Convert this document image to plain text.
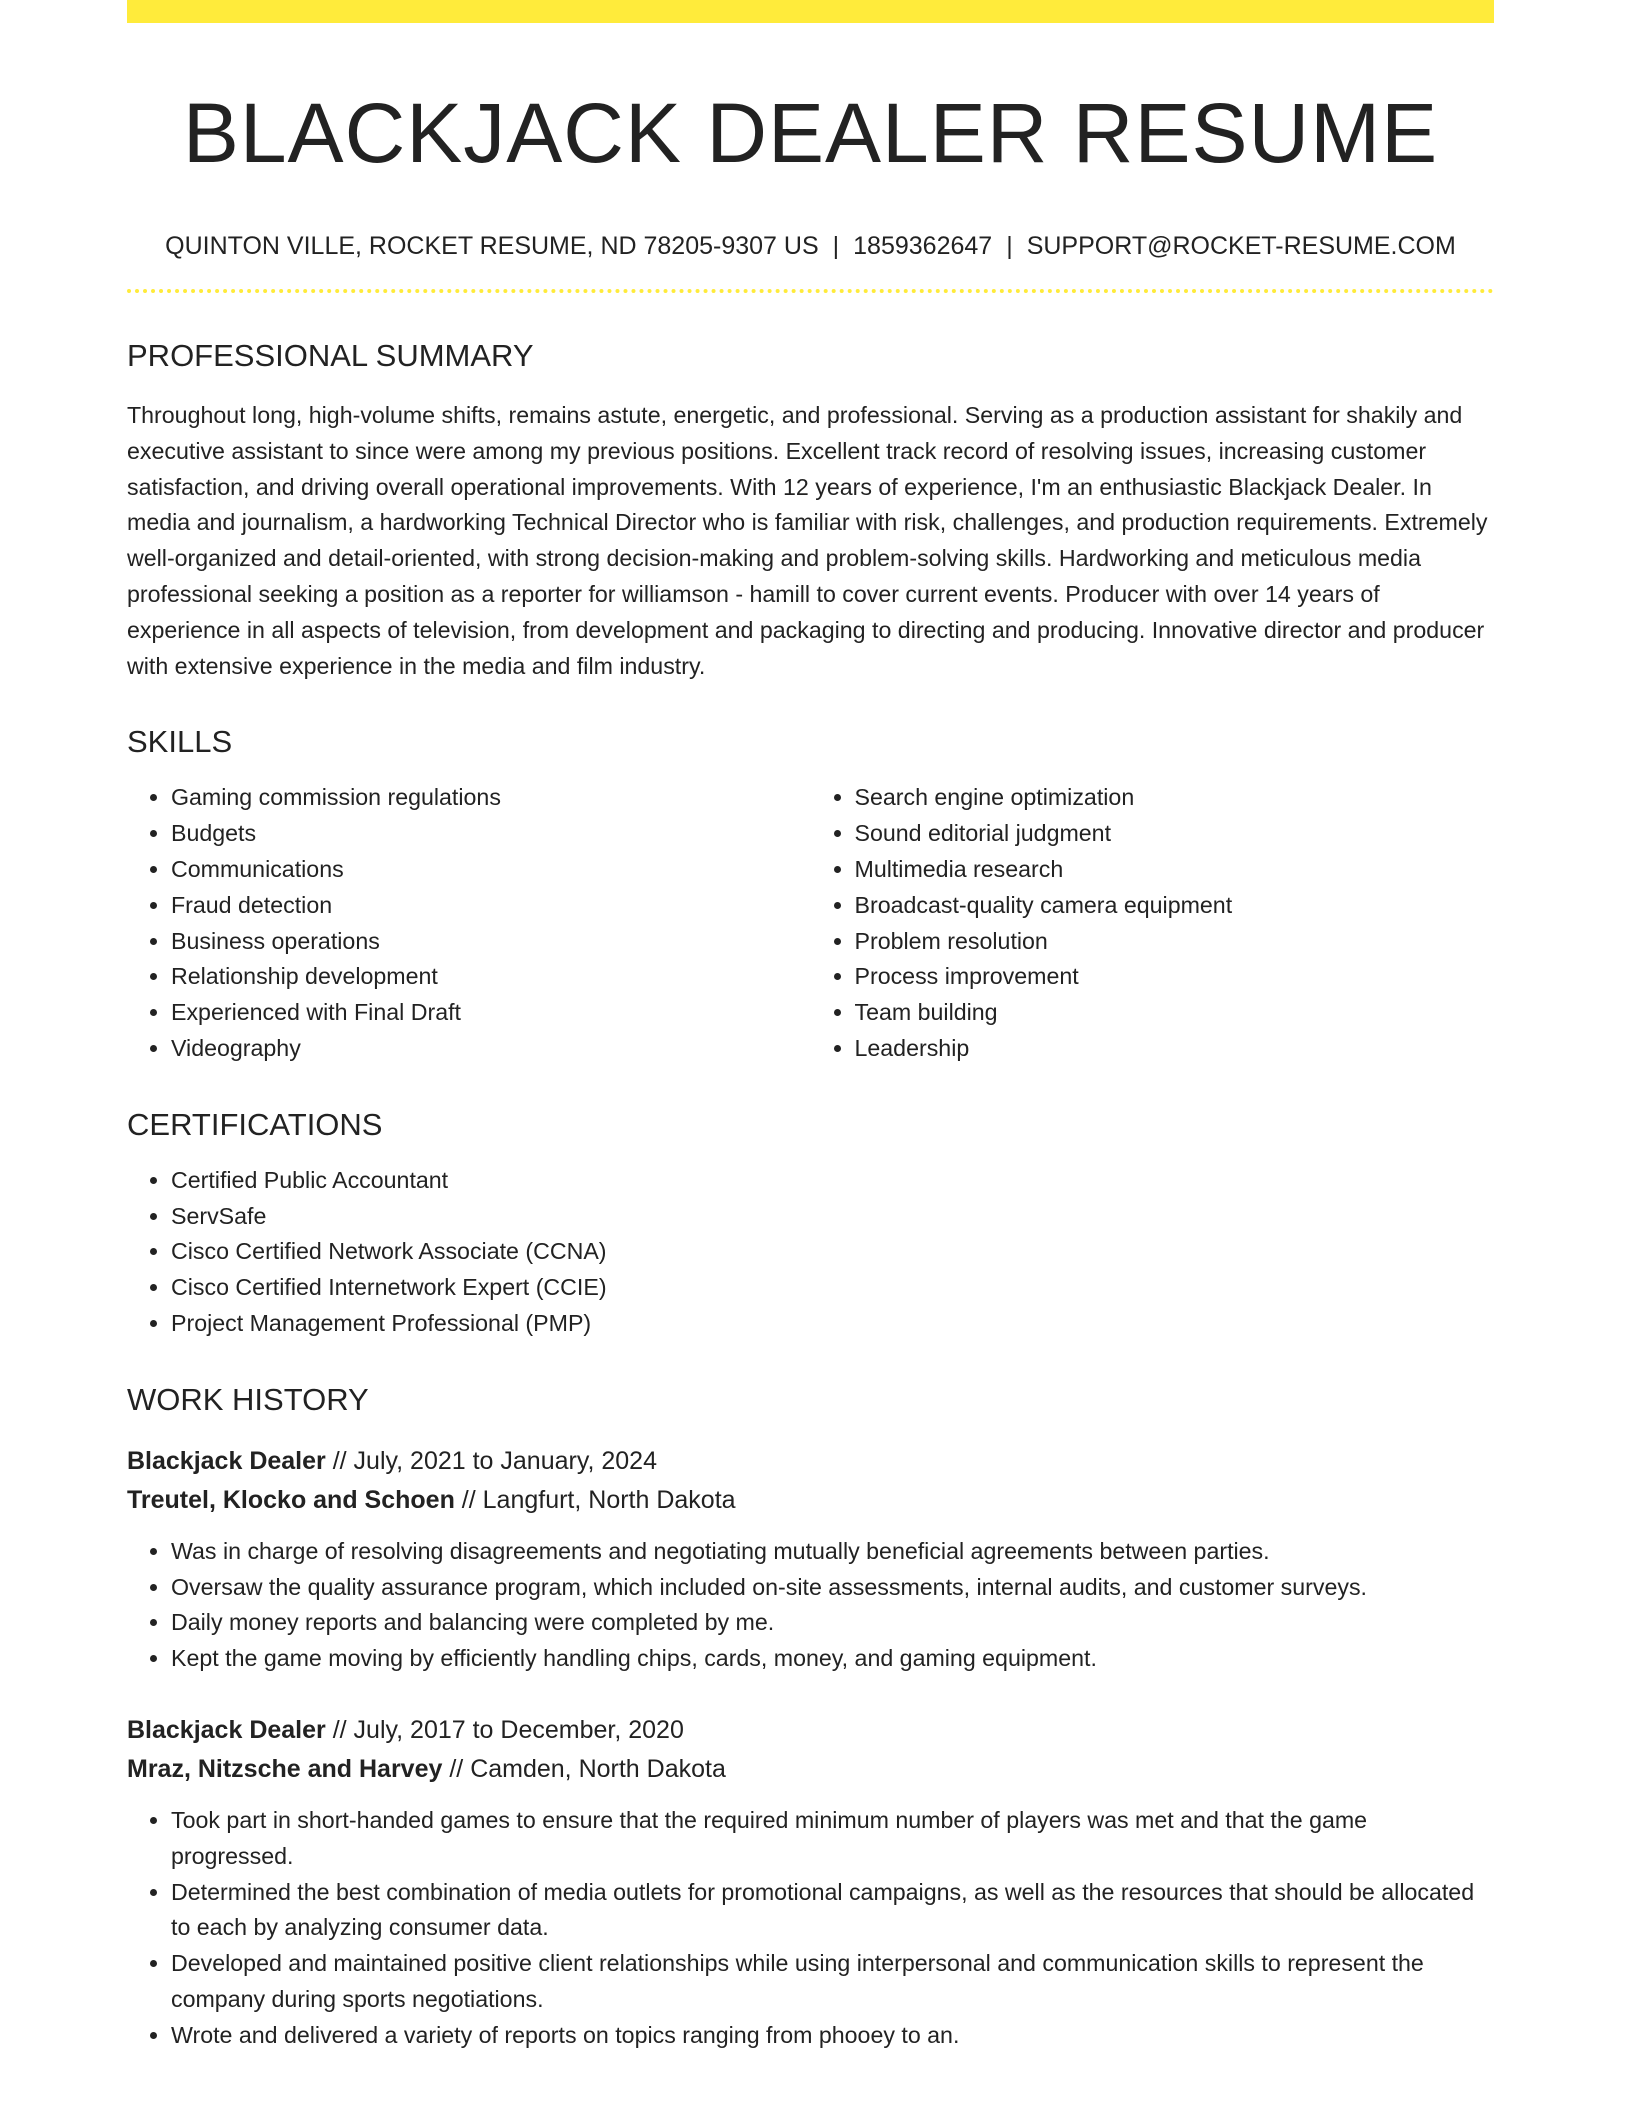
BLACKJACK DEALER RESUME
QUINTON VILLE, ROCKET RESUME, ND 78205-9307 US | 1859362647 | SUPPORT@ROCKET-RESUME.COM
PROFESSIONAL SUMMARY
Throughout long, high-volume shifts, remains astute, energetic, and professional. Serving as a production assistant for shakily and executive assistant to since were among my previous positions. Excellent track record of resolving issues, increasing customer satisfaction, and driving overall operational improvements. With 12 years of experience, I'm an enthusiastic Blackjack Dealer. In media and journalism, a hardworking Technical Director who is familiar with risk, challenges, and production requirements. Extremely well-organized and detail-oriented, with strong decision-making and problem-solving skills. Hardworking and meticulous media professional seeking a position as a reporter for williamson - hamill to cover current events. Producer with over 14 years of experience in all aspects of television, from development and packaging to directing and producing. Innovative director and producer with extensive experience in the media and film industry.
SKILLS
• Gaming commission regulations
• Budgets
• Communications
• Fraud detection
• Business operations
• Relationship development
• Experienced with Final Draft
• Videography
• Search engine optimization
• Sound editorial judgment
• Multimedia research
• Broadcast-quality camera equipment
• Problem resolution
• Process improvement
• Team building
• Leadership
CERTIFICATIONS
• Certified Public Accountant
• ServSafe
• Cisco Certified Network Associate (CCNA)
• Cisco Certified Internetwork Expert (CCIE)
• Project Management Professional (PMP)
WORK HISTORY
Blackjack Dealer // July, 2021 to January, 2024
Treutel, Klocko and Schoen // Langfurt, North Dakota
• Was in charge of resolving disagreements and negotiating mutually beneficial agreements between parties.
• Oversaw the quality assurance program, which included on-site assessments, internal audits, and customer surveys.
• Daily money reports and balancing were completed by me.
• Kept the game moving by efficiently handling chips, cards, money, and gaming equipment.
Blackjack Dealer // July, 2017 to December, 2020
Mraz, Nitzsche and Harvey // Camden, North Dakota
• Took part in short-handed games to ensure that the required minimum number of players was met and that the game progressed.
• Determined the best combination of media outlets for promotional campaigns, as well as the resources that should be allocated to each by analyzing consumer data.
• Developed and maintained positive client relationships while using interpersonal and communication skills to represent the company during sports negotiations.
• Wrote and delivered a variety of reports on topics ranging from phooey to an.
